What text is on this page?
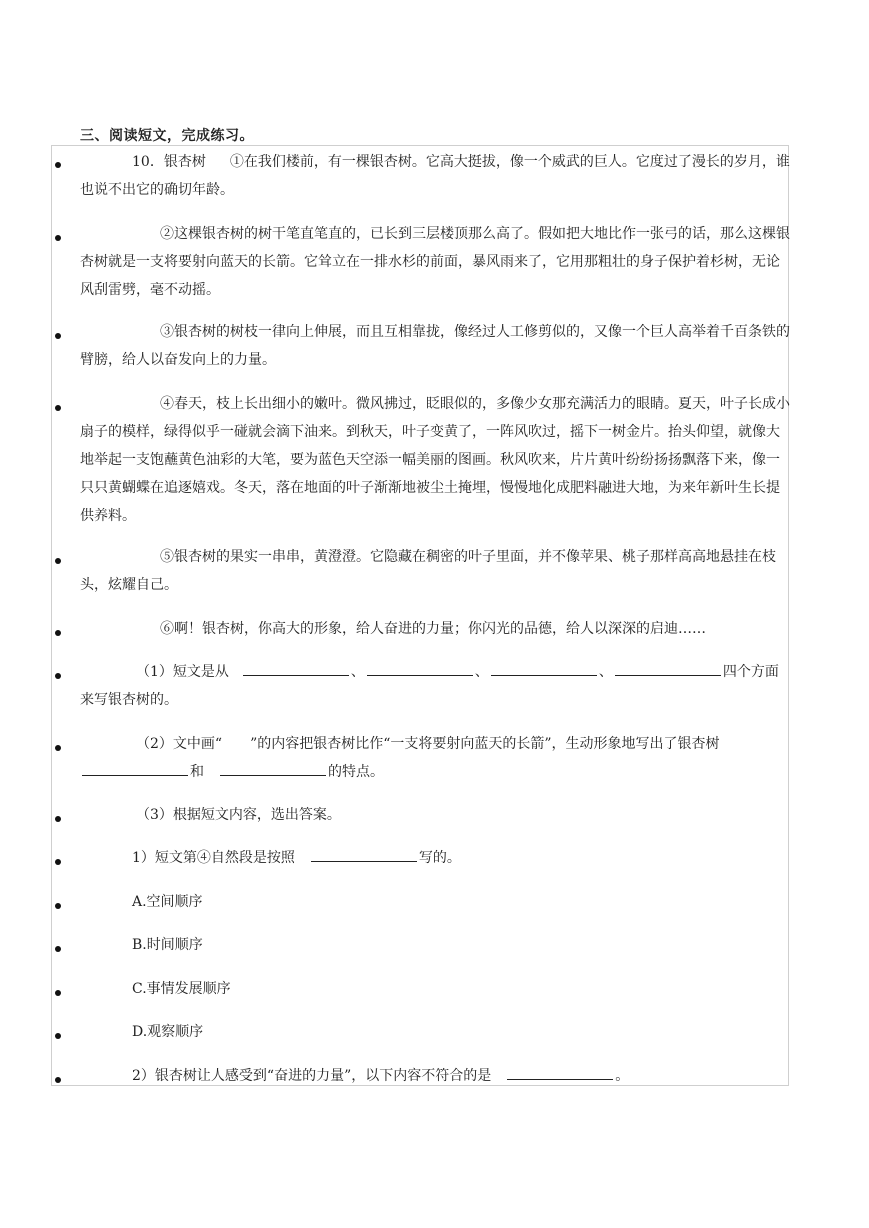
三、阅读短文，完成练习。
10．银杏树 ①在我们楼前，有一棵银杏树。它高大挺拔，像一个威武的巨人。它度过了漫长的岁月，谁也说不出它的确切年龄。
②这棵银杏树的树干笔直笔直的，已长到三层楼顶那么高了。假如把大地比作一张弓的话，那么这棵银杏树就是一支将要射向蓝天的长箭。它耸立在一排水杉的前面，暴风雨来了，它用那粗壮的身子保护着杉树，无论风刮雷劈，毫不动摇。
③银杏树的树枝一律向上伸展，而且互相靠拢，像经过人工修剪似的，又像一个巨人高举着千百条铁的臂膀，给人以奋发向上的力量。
④春天，枝上长出细小的嫩叶。微风拂过，眨眼似的，多像少女那充满活力的眼睛。夏天，叶子长成小扇子的模样，绿得似乎一碰就会滴下油来。到秋天，叶子变黄了，一阵风吹过，摇下一树金片。抬头仰望，就像大地举起一支饱蘸黄色油彩的大笔，要为蓝色天空添一幅美丽的图画。秋风吹来，片片黄叶纷纷扬扬飘落下来，像一只只黄蝴蝶在追逐嬉戏。冬天，落在地面的叶子渐渐地被尘土掩埋，慢慢地化成肥料融进大地，为来年新叶生长提供养料。
⑤银杏树的果实一串串，黄澄澄。它隐藏在稠密的叶子里面，并不像苹果、桃子那样高高地悬挂在枝头，炫耀自己。
⑥啊！银杏树，你高大的形象，给人奋进的力量；你闪光的品德，给人以深深的启迪……
（1）短文是从	、	、	、	四个方面来写银杏树的。
（2）文中画“ ”的内容把银杏树比作“一支将要射向蓝天的长箭”，生动形象地写出了银杏树和	的特点。
（3）根据短文内容，选出答案。
1）短文第④自然段是按照	写的。
A.空间顺序
B.时间顺序
C.事情发展顺序
D.观察顺序
2）银杏树让人感受到“奋进的力量”，以下内容不符合的是	。
